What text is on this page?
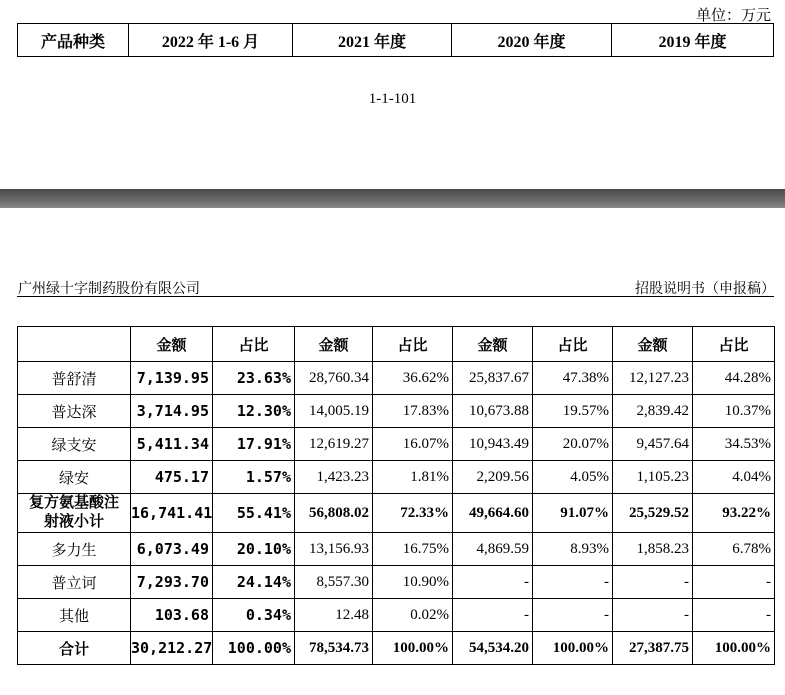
单位：万元
产品种类	2022 年 1-6 月	2021 年度	2020 年度	2019 年度
1-1-101
广州绿十字制药股份有限公司	招股说明书（申报稿）
	金额	占比	金额	占比	金额	占比	金额	占比
普舒清	7,139.95	23.63%	28,760.34	36.62%	25,837.67	47.38%	12,127.23	44.28%
普达深	3,714.95	12.30%	14,005.19	17.83%	10,673.88	19.57%	2,839.42	10.37%
绿支安	5,411.34	17.91%	12,619.27	16.07%	10,943.49	20.07%	9,457.64	34.53%
绿安	475.17	1.57%	1,423.23	1.81%	2,209.56	4.05%	1,105.23	4.04%
复方氨基酸注
射液小计	16,741.41	55.41%	56,808.02	72.33%	49,664.60	91.07%	25,529.52	93.22%
多力生	6,073.49	20.10%	13,156.93	16.75%	4,869.59	8.93%	1,858.23	6.78%
普立诃	7,293.70	24.14%	8,557.30	10.90%	-	-	-	-
其他	103.68	0.34%	12.48	0.02%	-	-	-	-
合计	30,212.27	100.00%	78,534.73	100.00%	54,534.20	100.00%	27,387.75	100.00%
